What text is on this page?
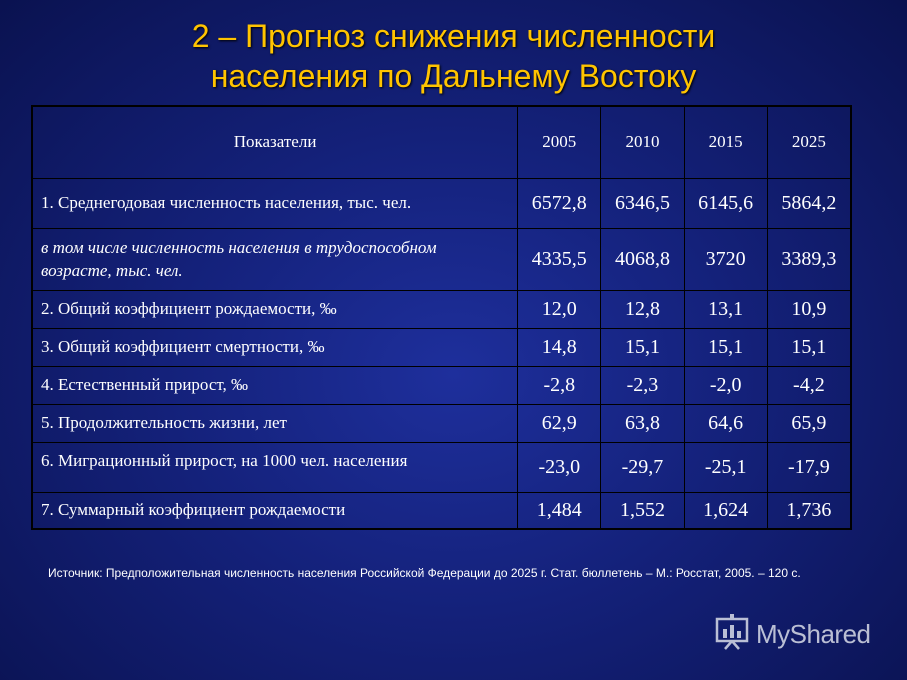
2 – Прогноз снижения численности
населения по Дальнему Востоку
Показатели	2005	2010	2015	2025
1. Среднегодовая численность населения, тыс. чел.	6572,8	6346,5	6145,6	5864,2
в том числе численность населения в трудоспособном возрасте, тыс. чел.	4335,5	4068,8	3720	3389,3
2. Общий коэффициент рождаемости, ‰	12,0	12,8	13,1	10,9
3. Общий коэффициент смертности, ‰	14,8	15,1	15,1	15,1
4. Естественный прирост, ‰	-2,8	-2,3	-2,0	-4,2
5. Продолжительность жизни, лет	62,9	63,8	64,6	65,9
6. Миграционный прирост, на 1000 чел. населения	-23,0	-29,7	-25,1	-17,9
7. Суммарный коэффициент рождаемости	1,484	1,552	1,624	1,736
Источник: Предположительная численность населения Российской Федерации до 2025 г. Стат. бюллетень – М.: Росстат, 2005. – 120 с.
MyShared
